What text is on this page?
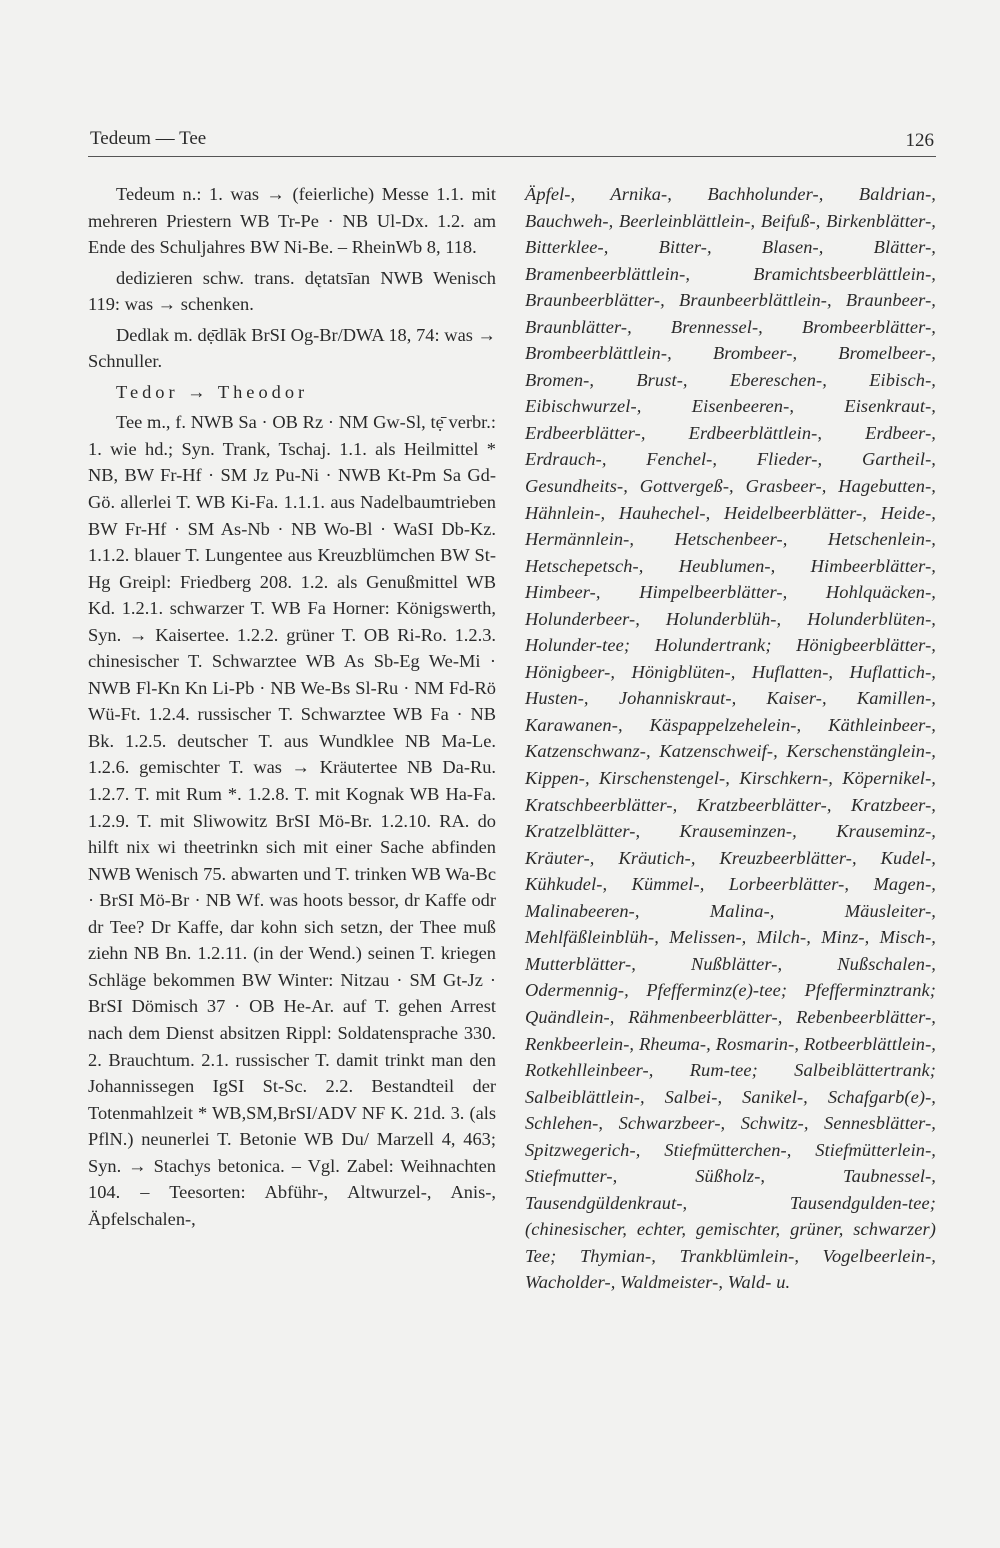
Tedeum — Tee	126

Tedeum n.: 1. was → (feierliche) Messe 1.1. mit mehreren Priestern WB Tr-Pe · NB Ul-Dx. 1.2. am Ende des Schuljahres BW Ni-Be. – RheinWb 8, 118.

dedizieren schw. trans. dętatsīan NWB Wenisch 119: was → schenken.

Dedlak m. dẹ̄dlāk BrSI Og-Br/DWA 18, 74: was → Schnuller.

Tedor → Theodor

Tee m., f. NWB Sa · OB Rz · NM Gw-Sl, tẹ̄ verbr.: 1. wie hd.; Syn. Trank, Tschaj. 1.1. als Heilmittel * NB, BW Fr-Hf · SM Jz Pu-Ni · NWB Kt-Pm Sa Gd-Gö. allerlei T. WB Ki-Fa. 1.1.1. aus Nadelbaumtrieben BW Fr-Hf · SM As-Nb · NB Wo-Bl · WaSI Db-Kz. 1.1.2. blauer T. Lungentee aus Kreuzblümchen BW St-Hg Greipl: Friedberg 208. 1.2. als Genußmittel WB Kd. 1.2.1. schwarzer T. WB Fa Horner: Königswerth, Syn. → Kaisertee. 1.2.2. grüner T. OB Ri-Ro. 1.2.3. chinesischer T. Schwarztee WB As Sb-Eg We-Mi · NWB Fl-Kn Kn Li-Pb · NB We-Bs Sl-Ru · NM Fd-Rö Wü-Ft. 1.2.4. russischer T. Schwarztee WB Fa · NB Bk. 1.2.5. deutscher T. aus Wundklee NB Ma-Le. 1.2.6. gemischter T. was → Kräutertee NB Da-Ru. 1.2.7. T. mit Rum *. 1.2.8. T. mit Kognak WB Ha-Fa. 1.2.9. T. mit Sliwowitz BrSI Mö-Br. 1.2.10. RA. do hilft nix wi theetrinkn sich mit einer Sache abfinden NWB Wenisch 75. abwarten und T. trinken WB Wa-Bc · BrSI Mö-Br · NB Wf. was hoots bessor, dr Kaffe odr dr Tee? Dr Kaffe, dar kohn sich setzn, der Thee muß ziehn NB Bn. 1.2.11. (in der Wend.) seinen T. kriegen Schläge bekommen BW Winter: Nitzau · SM Gt-Jz · BrSI Dömisch 37 · OB He-Ar. auf T. gehen Arrest nach dem Dienst absitzen Rippl: Soldatensprache 330. 2. Brauchtum. 2.1. russischer T. damit trinkt man den Johannissegen IgSI St-Sc. 2.2. Bestandteil der Totenmahlzeit * WB,SM,BrSI/ADV NF K. 21d. 3. (als PflN.) neunerlei T. Betonie WB Du/ Marzell 4, 463; Syn. → Stachys betonica. – Vgl. Zabel: Weihnachten 104. – Teesorten: Abführ-, Altwurzel-, Anis-, Äpfelschalen-,

Äpfel-, Arnika-, Bachholunder-, Baldrian-, Bauchweh-, Beerleinblättlein-, Beifuß-, Birkenblätter-, Bitterklee-, Bitter-, Blasen-, Blätter-, Bramenbeerblättlein-, Bramichtsbeerblättlein-, Braunbeerblätter-, Braunbeerblättlein-, Braunbeer-, Braunblätter-, Brennessel-, Brombeerblätter-, Brombeerblättlein-, Brombeer-, Bromelbeer-, Bromen-, Brust-, Ebereschen-, Eibisch-, Eibischwurzel-, Eisenbeeren-, Eisenkraut-, Erdbeerblätter-, Erdbeerblättlein-, Erdbeer-, Erdrauch-, Fenchel-, Flieder-, Gartheil-, Gesundheits-, Gottvergeß-, Grasbeer-, Hagebutten-, Hähnlein-, Hauhechel-, Heidelbeerblätter-, Heide-, Hermännlein-, Hetschenbeer-, Hetschenlein-, Hetschepetsch-, Heublumen-, Himbeerblätter-, Himbeer-, Himpelbeerblätter-, Hohlquäcken-, Holunderbeer-, Holunderblüh-, Holunderblüten-, Holunder-tee; Holundertrank; Hönigbeerblätter-, Hönigbeer-, Hönigblüten-, Huflatten-, Huflattich-, Husten-, Johanniskraut-, Kaiser-, Kamillen-, Karawanen-, Käspappelzehelein-, Käthleinbeer-, Katzenschwanz-, Katzenschweif-, Kerschenstänglein-, Kippen-, Kirschenstengel-, Kirschkern-, Köpernikel-, Kratschbeerblätter-, Kratzbeerblätter-, Kratzbeer-, Kratzelblätter-, Krauseminzen-, Krauseminz-, Kräuter-, Kräutich-, Kreuzbeerblätter-, Kudel-, Kühkudel-, Kümmel-, Lorbeerblätter-, Magen-, Malinabeeren-, Malina-, Mäusleiter-, Mehlfäßleinblüh-, Melissen-, Milch-, Minz-, Misch-, Mutterblätter-, Nußblätter-, Nußschalen-, Odermennig-, Pfefferminz(e)-tee; Pfefferminztrank; Quändlein-, Rähmenbeerblätter-, Rebenbeerblätter-, Renkbeerlein-, Rheuma-, Rosmarin-, Rotbeerblättlein-, Rotkehlleinbeer-, Rum-tee; Salbeiblättertrank; Salbeiblättlein-, Salbei-, Sanikel-, Schafgarb(e)-, Schlehen-, Schwarzbeer-, Schwitz-, Sennesblätter-, Spitzwegerich-, Stiefmütterchen-, Stiefmütterlein-, Stiefmutter-, Süßholz-, Taubnessel-, Tausendgüldenkraut-, Tausendgulden-tee; (chinesischer, echter, gemischter, grüner, schwarzer) Tee; Thymian-, Trankblümlein-, Vogelbeerlein-, Wacholder-, Waldmeister-, Wald- u.
